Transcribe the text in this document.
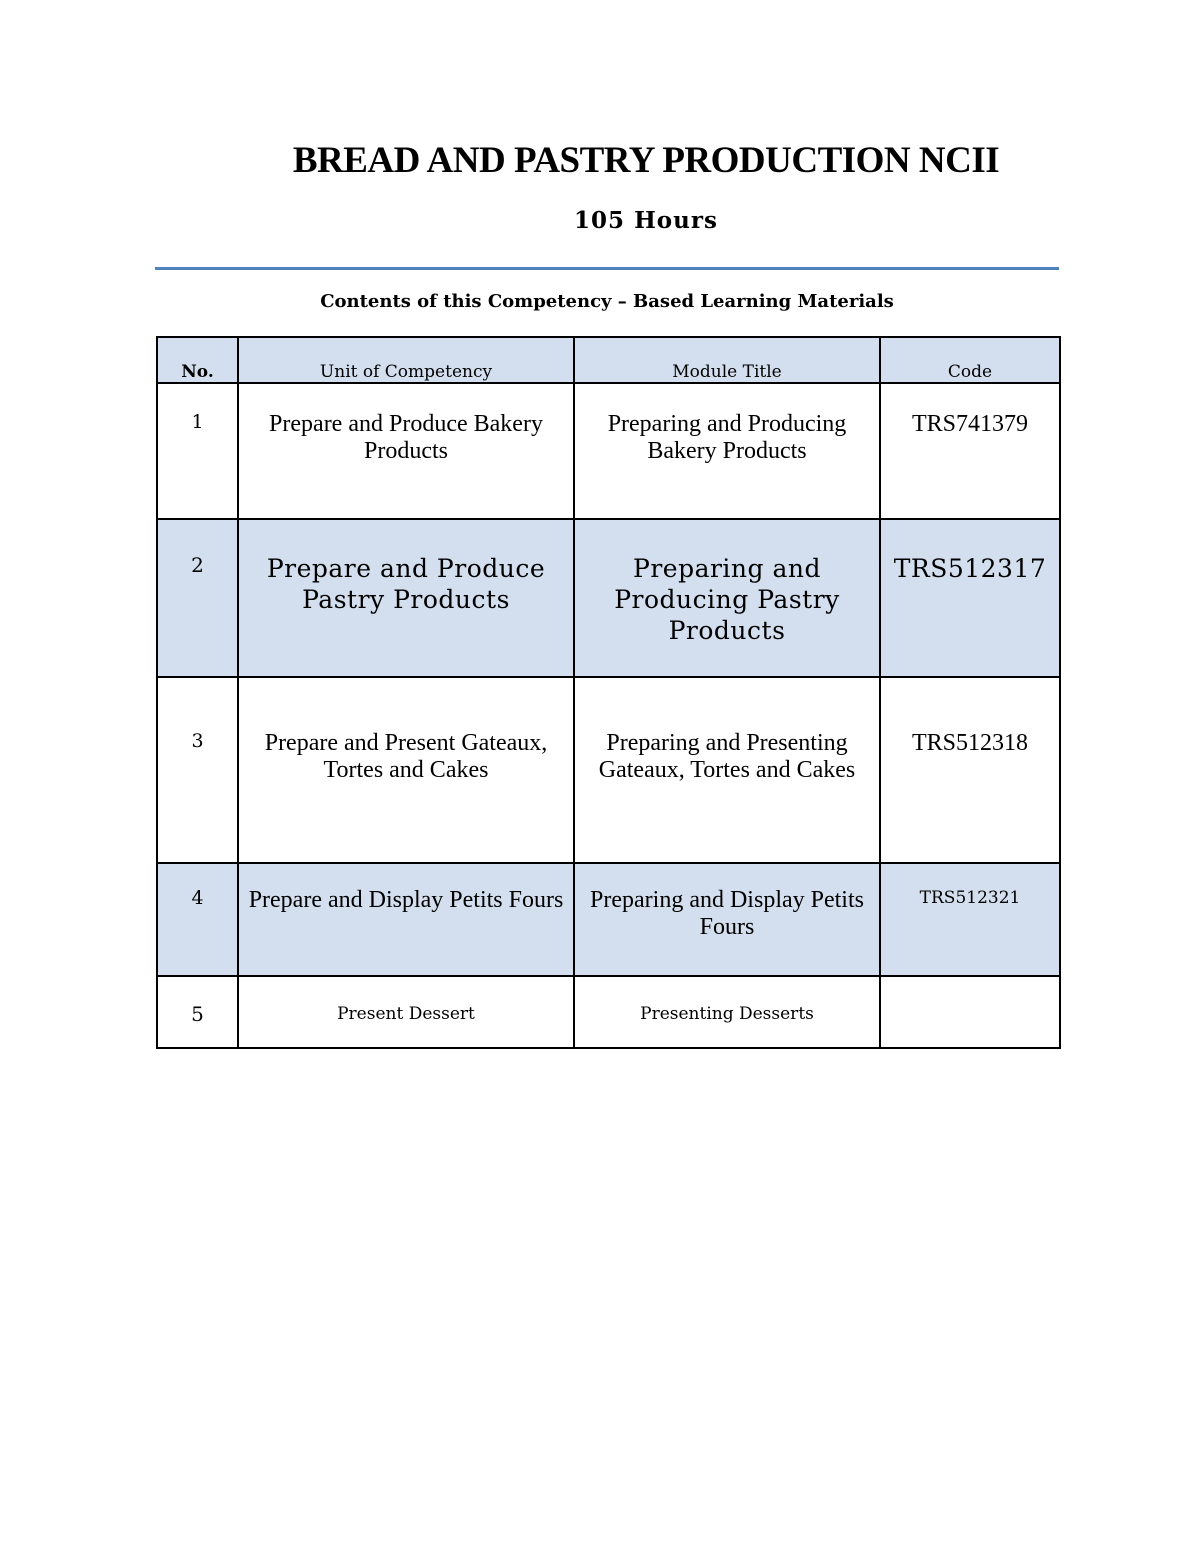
BREAD AND PASTRY PRODUCTION NCII
105 Hours
Contents of this Competency – Based Learning Materials
No.	Unit of Competency	Module Title	Code
1	Prepare and Produce Bakery Products	Preparing and Producing Bakery Products	TRS741379
2	Prepare and Produce Pastry Products	Preparing and Producing Pastry Products	TRS512317
3	Prepare and Present Gateaux, Tortes and Cakes	Preparing and Presenting Gateaux, Tortes and Cakes	TRS512318
4	Prepare and Display Petits Fours	Preparing and Display Petits Fours	TRS512321
5	Present Dessert	Presenting Desserts	
